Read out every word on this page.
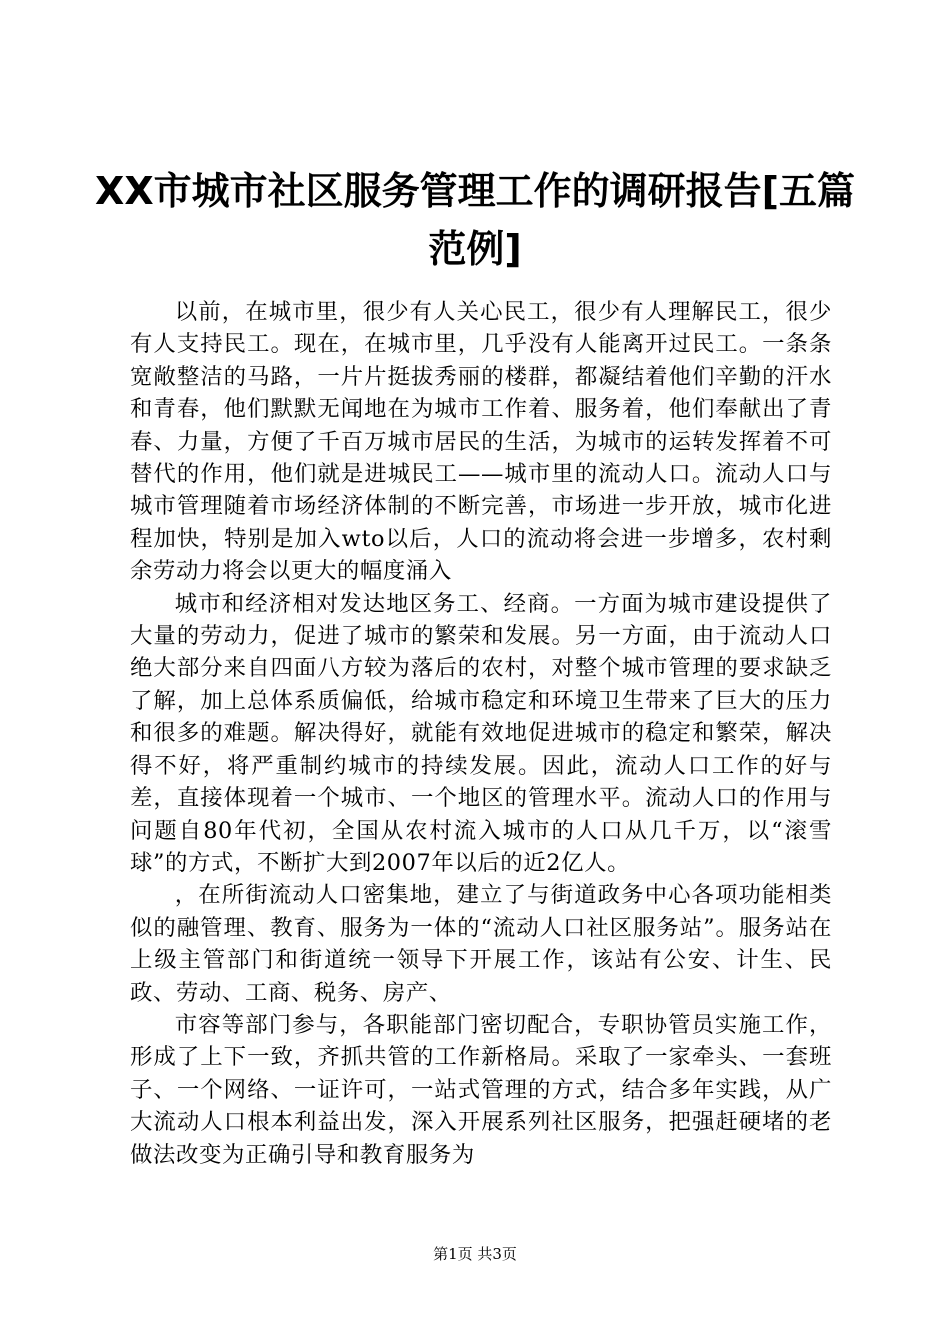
XX市城市社区服务管理工作的调研报告[五篇范例]

以前，在城市里，很少有人关心民工，很少有人理解民工，很少有人支持民工。现在，在城市里，几乎没有人能离开过民工。一条条宽敞整洁的马路，一片片挺拔秀丽的楼群，都凝结着他们辛勤的汗水和青春，他们默默无闻地在为城市工作着、服务着，他们奉献出了青春、力量，方便了千百万城市居民的生活，为城市的运转发挥着不可替代的作用，他们就是进城民工——城市里的流动人口。流动人口与城市管理随着市场经济体制的不断完善，市场进一步开放，城市化进程加快，特别是加入wto以后，人口的流动将会进一步增多，农村剩余劳动力将会以更大的幅度涌入

城市和经济相对发达地区务工、经商。一方面为城市建设提供了大量的劳动力，促进了城市的繁荣和发展。另一方面，由于流动人口绝大部分来自四面八方较为落后的农村，对整个城市管理的要求缺乏了解，加上总体系质偏低，给城市稳定和环境卫生带来了巨大的压力和很多的难题。解决得好，就能有效地促进城市的稳定和繁荣，解决得不好，将严重制约城市的持续发展。因此，流动人口工作的好与差，直接体现着一个城市、一个地区的管理水平。流动人口的作用与问题自80年代初，全国从农村流入城市的人口从几千万，以“滚雪球”的方式，不断扩大到2007年以后的近2亿人。

，在所街流动人口密集地，建立了与街道政务中心各项功能相类似的融管理、教育、服务为一体的“流动人口社区服务站”。服务站在上级主管部门和街道统一领导下开展工作，该站有公安、计生、民政、劳动、工商、税务、房产、

市容等部门参与，各职能部门密切配合，专职协管员实施工作，形成了上下一致，齐抓共管的工作新格局。采取了一家牵头、一套班子、一个网络、一证许可，一站式管理的方式，结合多年实践，从广大流动人口根本利益出发，深入开展系列社区服务，把强赶硬堵的老做法改变为正确引导和教育服务为

第1页 共3页
